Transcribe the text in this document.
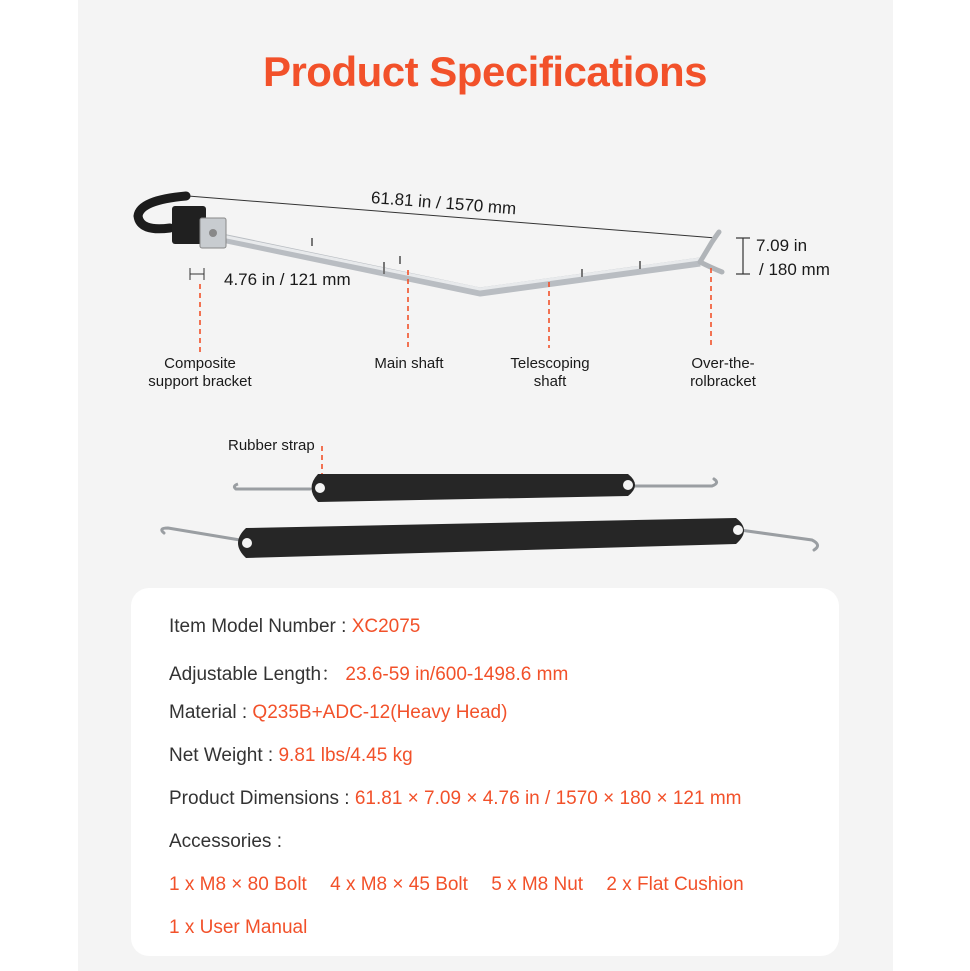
Product Specifications
61.81 in / 1570 mm
7.09 in
/ 180 mm
4.76 in / 121 mm
Composite
support bracket
Main shaft	Telescoping
shaft
Over-the-
rolbracket
Rubber strap
Item Model Number : XC2075
Adjustable Length： 23.6-59 in/600-1498.6 mm
Material : Q235B+ADC-12(Heavy Head)
Net Weight : 9.81 lbs/4.45 kg
Product Dimensions : 61.81 × 7.09 × 4.76 in / 1570 × 180 × 121 mm
Accessories :
1 x M8 × 80 Bolt 4 x M8 × 45 Bolt 5 x M8 Nut 2 x Flat Cushion
1 x User Manual
